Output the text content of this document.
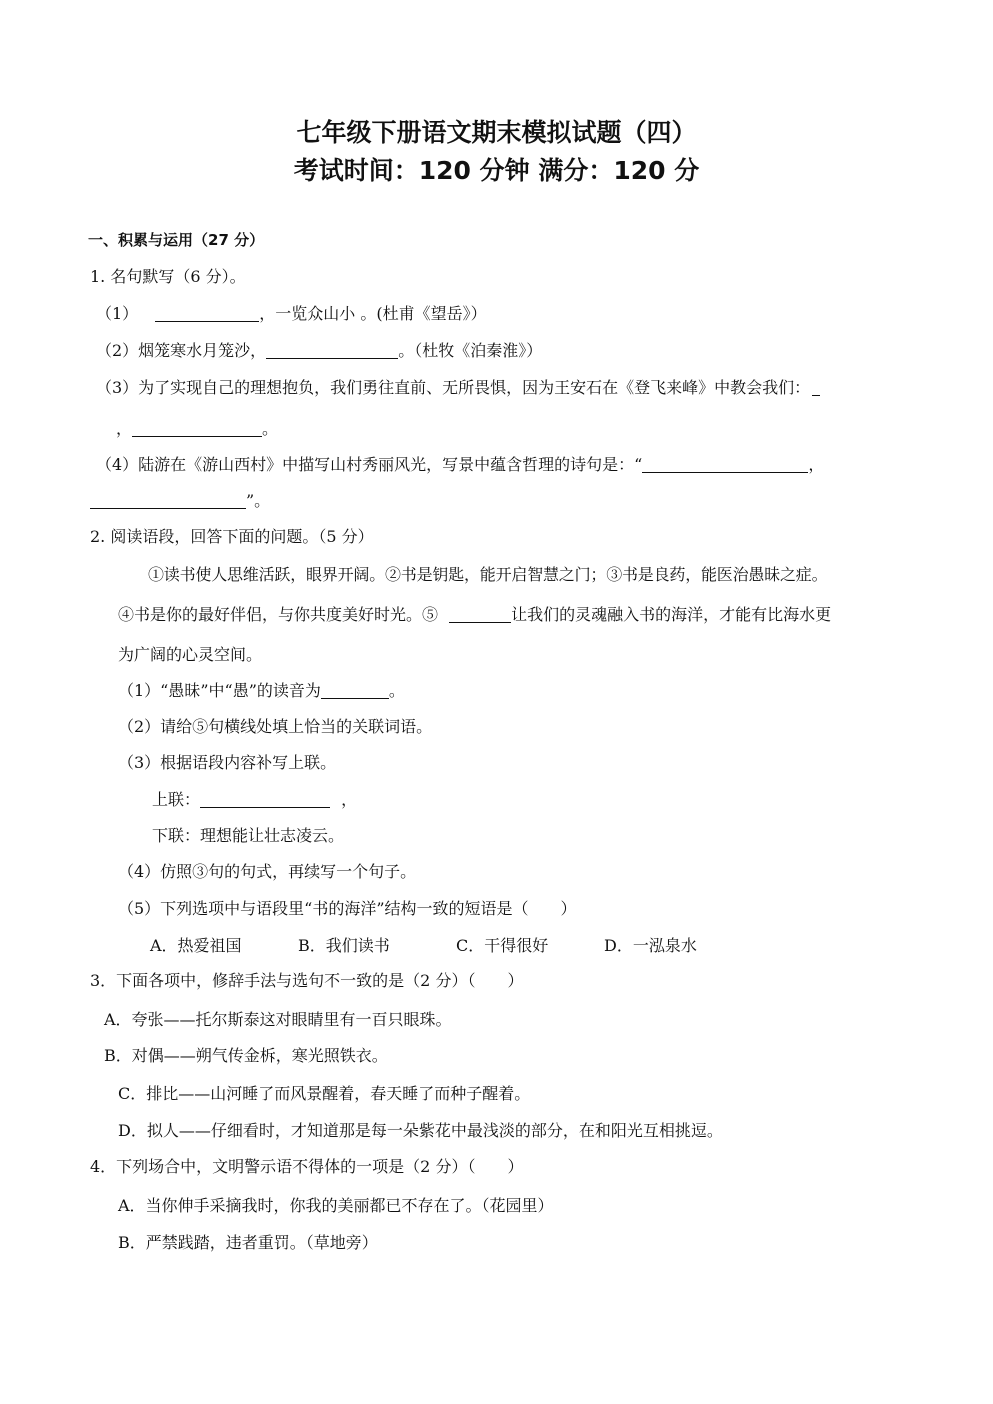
七年级下册语文期末模拟试题（四）
考试时间：120 分钟 满分：120 分
一、积累与运用（27 分）
1. 名句默写（6 分）。
（1）	，一览众山小 。(杜甫《望岳》）
（2）烟笼寒水月笼沙，	。（杜牧《泊秦淮》）
（3）为了实现自己的理想抱负，我们勇往直前、无所畏惧，因为王安石在《登飞来峰》中教会我们：
，	。
（4）陆游在《游山西村》中描写山村秀丽风光，写景中蕴含哲理的诗句是：“	，
”。
2. 阅读语段，回答下面的问题。（5 分）
①读书使人思维活跃，眼界开阔。②书是钥匙，能开启智慧之门；③书是良药，能医治愚昧之症。
④书是你的最好伴侣，与你共度美好时光。⑤	让我们的灵魂融入书的海洋，才能有比海水更
为广阔的心灵空间。
（1）“愚昧”中“愚”的读音为	。
（2）请给⑤句横线处填上恰当的关联词语。
（3）根据语段内容补写上联。
上联：	，
下联：理想能让壮志凌云。
（4）仿照③句的句式，再续写一个句子。
（5）下列选项中与语段里“书的海洋”结构一致的短语是（　　）
A．热爱祖国	B．我们读书	C．干得很好	D．一泓泉水
3．下面各项中，修辞手法与选句不一致的是（2 分）（　　）
A．夸张——托尔斯泰这对眼睛里有一百只眼珠。
B．对偶——朔气传金柝，寒光照铁衣。
C．排比——山河睡了而风景醒着，春天睡了而种子醒着。
D．拟人——仔细看时，才知道那是每一朵紫花中最浅淡的部分，在和阳光互相挑逗。
4．下列场合中，文明警示语不得体的一项是（2 分）（　　）
A．当你伸手采摘我时，你我的美丽都已不存在了。（花园里）
B．严禁践踏，违者重罚。（草地旁）
